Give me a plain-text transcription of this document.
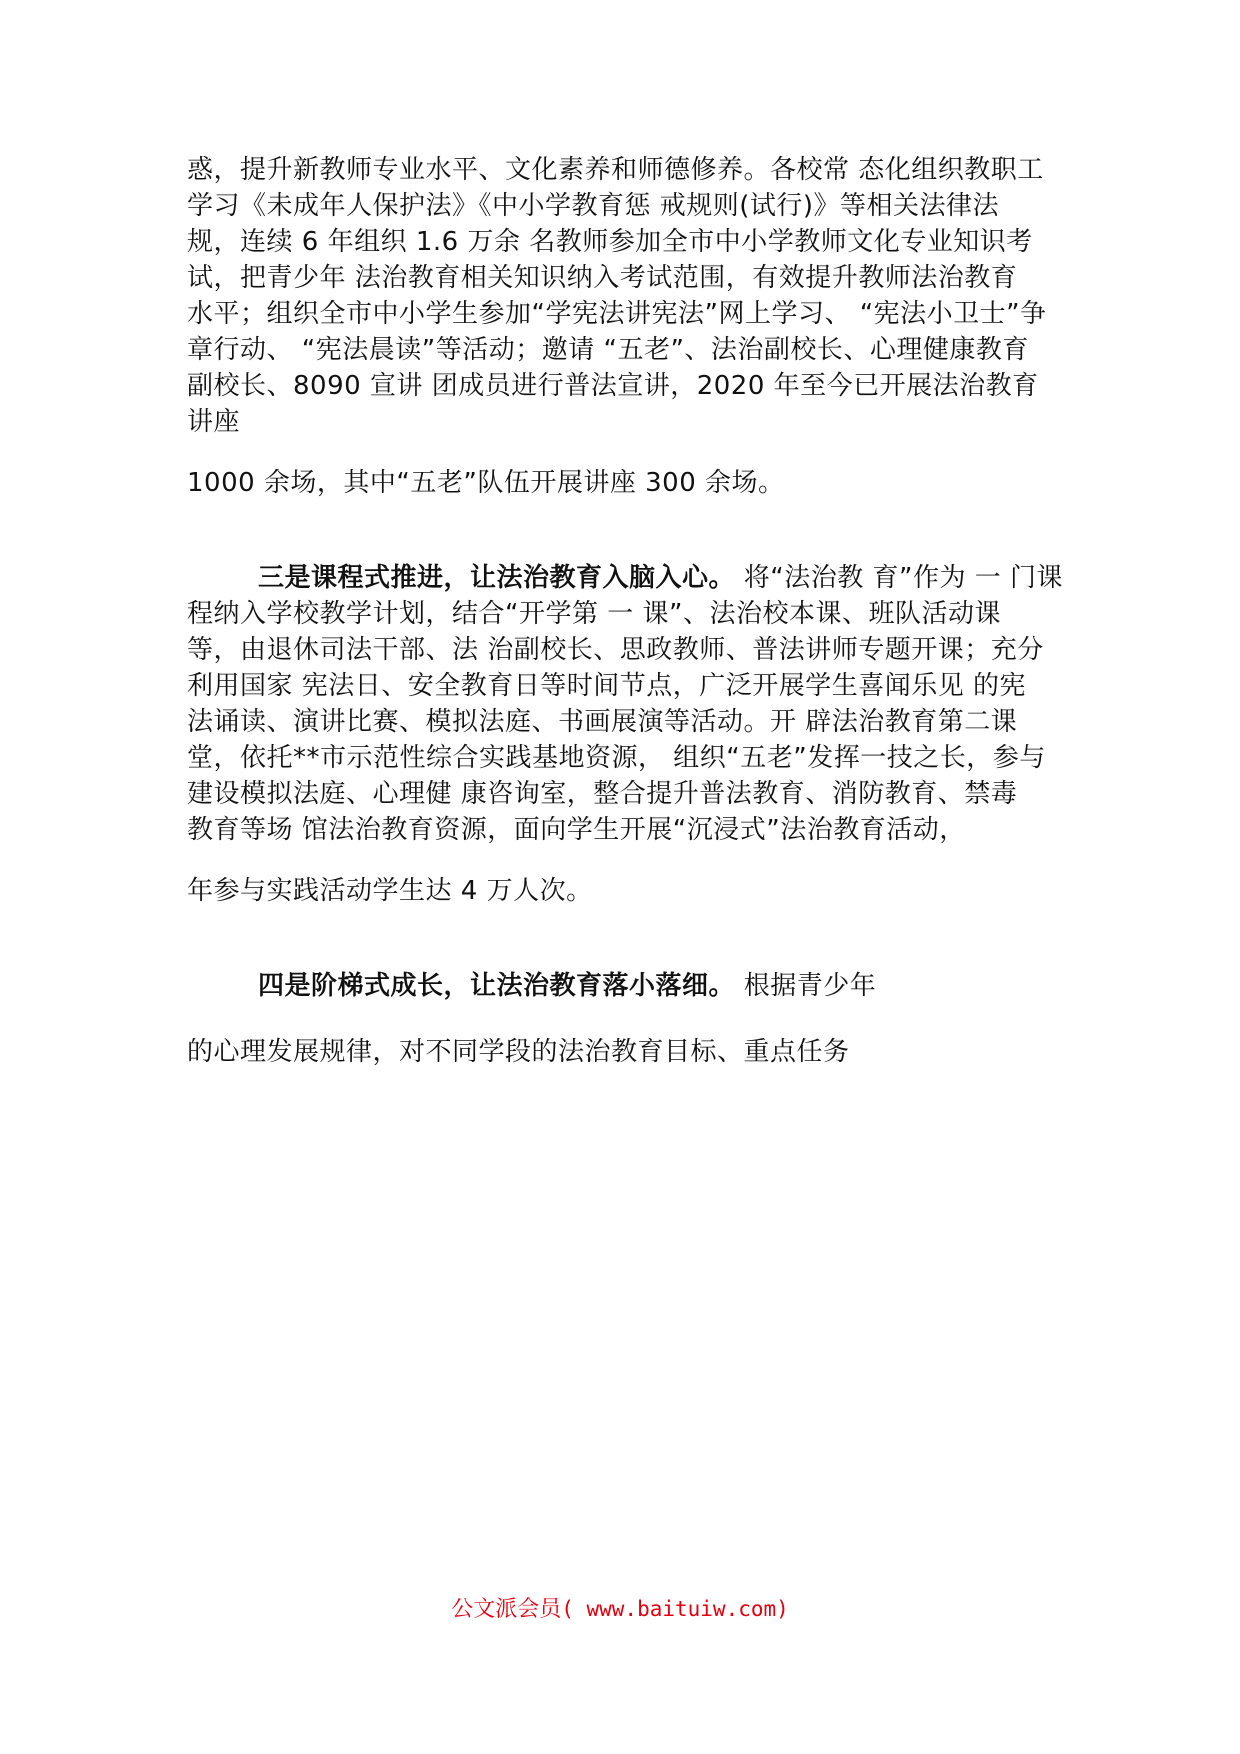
惑，提升新教师专业水平、文化素养和师德修养。各校常 态化组织教职工
学习《未成年人保护法》《中小学教育惩 戒规则(试行)》等相关法律法
规，连续 6 年组织 1.6 万余 名教师参加全市中小学教师文化专业知识考
试，把青少年 法治教育相关知识纳入考试范围，有效提升教师法治教育
水平；组织全市中小学生参加“学宪法讲宪法”网上学习、 “宪法小卫士”争
章行动、 “宪法晨读”等活动；邀请 “五老”、法治副校长、心理健康教育
副校长、8090 宣讲 团成员进行普法宣讲，2020 年至今已开展法治教育
讲座
1000 余场，其中“五老”队伍开展讲座 300 余场。
三是课程式推进，让法治教育入脑入心。 将“法治教 育”作为 一 门课
程纳入学校教学计划，结合“开学第 一 课”、法治校本课、班队活动课
等，由退休司法干部、法 治副校长、思政教师、普法讲师专题开课；充分
利用国家 宪法日、安全教育日等时间节点，广泛开展学生喜闻乐见 的宪
法诵读、演讲比赛、模拟法庭、书画展演等活动。开 辟法治教育第二课
堂，依托**市示范性综合实践基地资源， 组织“五老”发挥一技之长，参与
建设模拟法庭、心理健 康咨询室，整合提升普法教育、消防教育、禁毒
教育等场 馆法治教育资源，面向学生开展“沉浸式”法治教育活动，
年参与实践活动学生达 4 万人次。
四是阶梯式成长，让法治教育落小落细。 根据青少年
的心理发展规律，对不同学段的法治教育目标、重点任务
公文派会员( www.baituiw.com)
